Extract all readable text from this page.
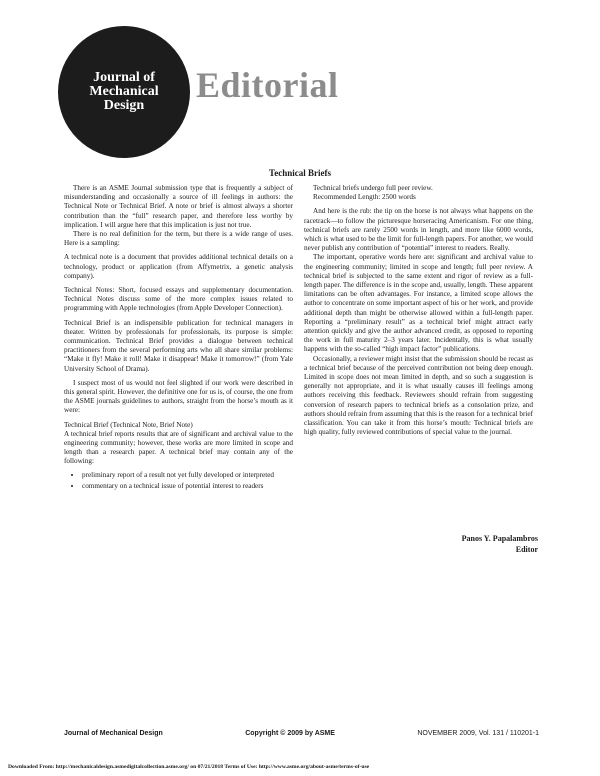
Journal of
Mechanical
Design
Editorial
Technical Briefs

There is an ASME Journal submission type that is frequently a subject of misunderstanding and occasionally a source of ill feelings in authors: the Technical Note or Technical Brief. A note or brief is almost always a shorter contribution than the “full” research paper, and therefore less worthy by implication. I will argue here that this implication is just not true.

There is no real definition for the term, but there is a wide range of uses. Here is a sampling:

A technical note is a document that provides additional technical details on a technology, product or application (from Affymetrix, a genetic analysis company).

Technical Notes: Short, focused essays and supplementary documentation. Technical Notes discuss some of the more complex issues related to programming with Apple technologies (from Apple Developer Connection).

Technical Brief is an indispensible publication for technical managers in theater. Written by professionals for professionals, its purpose is simple: communication. Technical Brief provides a dialogue between technical practitioners from the several performing arts who all share similar problems: “Make it fly! Make it roll! Make it disappear! Make it tomorrow!” (from Yale University School of Drama).

I suspect most of us would not feel slighted if our work were described in this general spirit. However, the definitive one for us is, of course, the one from the ASME journals guidelines to authors, straight from the horse’s mouth as it were:

Technical Brief (Technical Note, Brief Note)

A technical brief reports results that are of significant and archival value to the engineering community; however, these works are more limited in scope and length than a research paper. A technical brief may contain any of the following:

• preliminary report of a result not yet fully developed or interpreted
• commentary on a technical issue of potential interest to readers

Technical briefs undergo full peer review.

Recommended Length: 2500 words

And here is the rub: the tip on the horse is not always what happens on the racetrack—to follow the picturesque horseracing Americanism. For one thing, technical briefs are rarely 2500 words in length, and more like 6000 words, which is what used to be the limit for full-length papers. For another, we would never publish any contribution of “potential” interest to readers. Really.

The important, operative words here are: significant and archival value to the engineering community; limited in scope and length; full peer review. A technical brief is subjected to the same extent and rigor of review as a full-length paper. The difference is in the scope and, usually, length. These apparent limitations can be often advantages. For instance, a limited scope allows the author to concentrate on some important aspect of his or her work, and provide additional depth than might be otherwise allowed within a full-length paper. Reporting a “preliminary result” as a technical brief might attract early attention quickly and give the author advanced credit, as opposed to reporting the work in full maturity 2–3 years later. Incidentally, this is what usually happens with the so-called “high impact factor” publications.

Occasionally, a reviewer might insist that the submission should be recast as a technical brief because of the perceived contribution not being deep enough. Limited in scope does not mean limited in depth, and so such a suggestion is generally not appropriate, and it is what usually causes ill feelings among authors receiving this feedback. Reviewers should refrain from suggesting conversion of research papers to technical briefs as a consolation prize, and authors should refrain from assuming that this is the reason for a technical brief classification. You can take it from this horse’s mouth: Technical briefs are high quality, fully reviewed contributions of special value to the journal.

Panos Y. Papalambros
Editor
Journal of Mechanical Design	Copyright © 2009 by ASME	NOVEMBER 2009, Vol. 131 / 110201-1
Downloaded From: http://mechanicaldesign.asmedigitalcollection.asme.org/ on 07/21/2018 Terms of Use: http://www.asme.org/about-asme/terms-of-use
